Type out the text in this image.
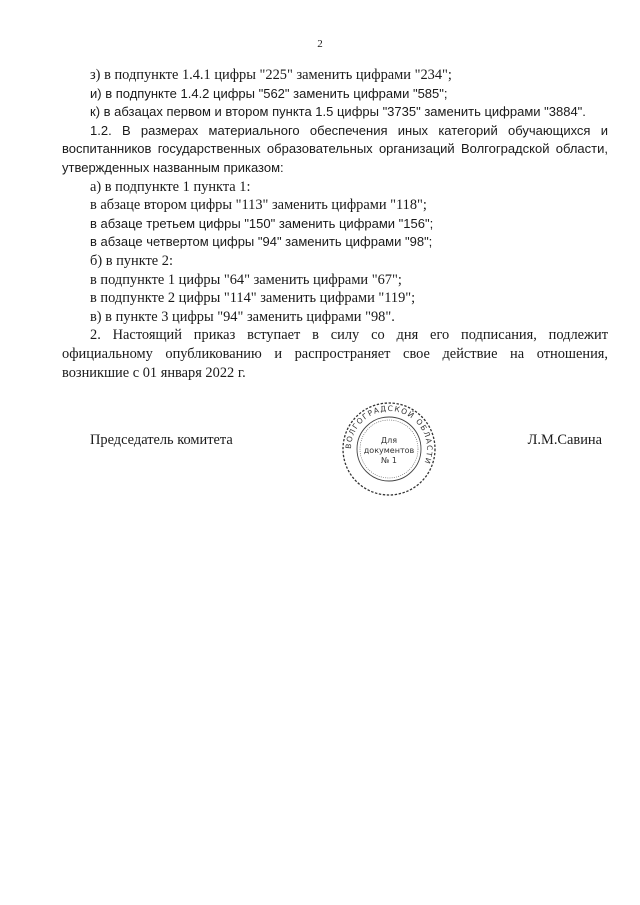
2

з) в подпункте 1.4.1 цифры "225" заменить цифрами "234";

и) в подпункте 1.4.2 цифры "562" заменить цифрами "585";

к) в абзацах первом и втором пункта 1.5 цифры "3735" заменить цифрами "3884".

1.2. В размерах материального обеспечения иных категорий обучающихся и воспитанников государственных образовательных организаций Волгоградской области, утвержденных названным приказом:

а) в подпункте 1 пункта 1:

в абзаце втором цифры "113" заменить цифрами "118";

в абзаце третьем цифры "150" заменить цифрами "156";

в абзаце четвертом цифры "94" заменить цифрами "98";

б) в пункте 2:

в подпункте 1 цифры "64" заменить цифрами "67";

в подпункте 2 цифры "114" заменить цифрами "119";

в) в пункте 3 цифры "94" заменить цифрами "98".

2. Настоящий приказ вступает в силу со дня его подписания, подлежит официальному опубликованию и распространяет свое действие на отношения, возникшие с 01 января 2022 г.

Председатель комитета	Л.М.Савина
ВОЛГОГРАДСКОЙ ОБЛАСТИ
Для
документов
№ 1
